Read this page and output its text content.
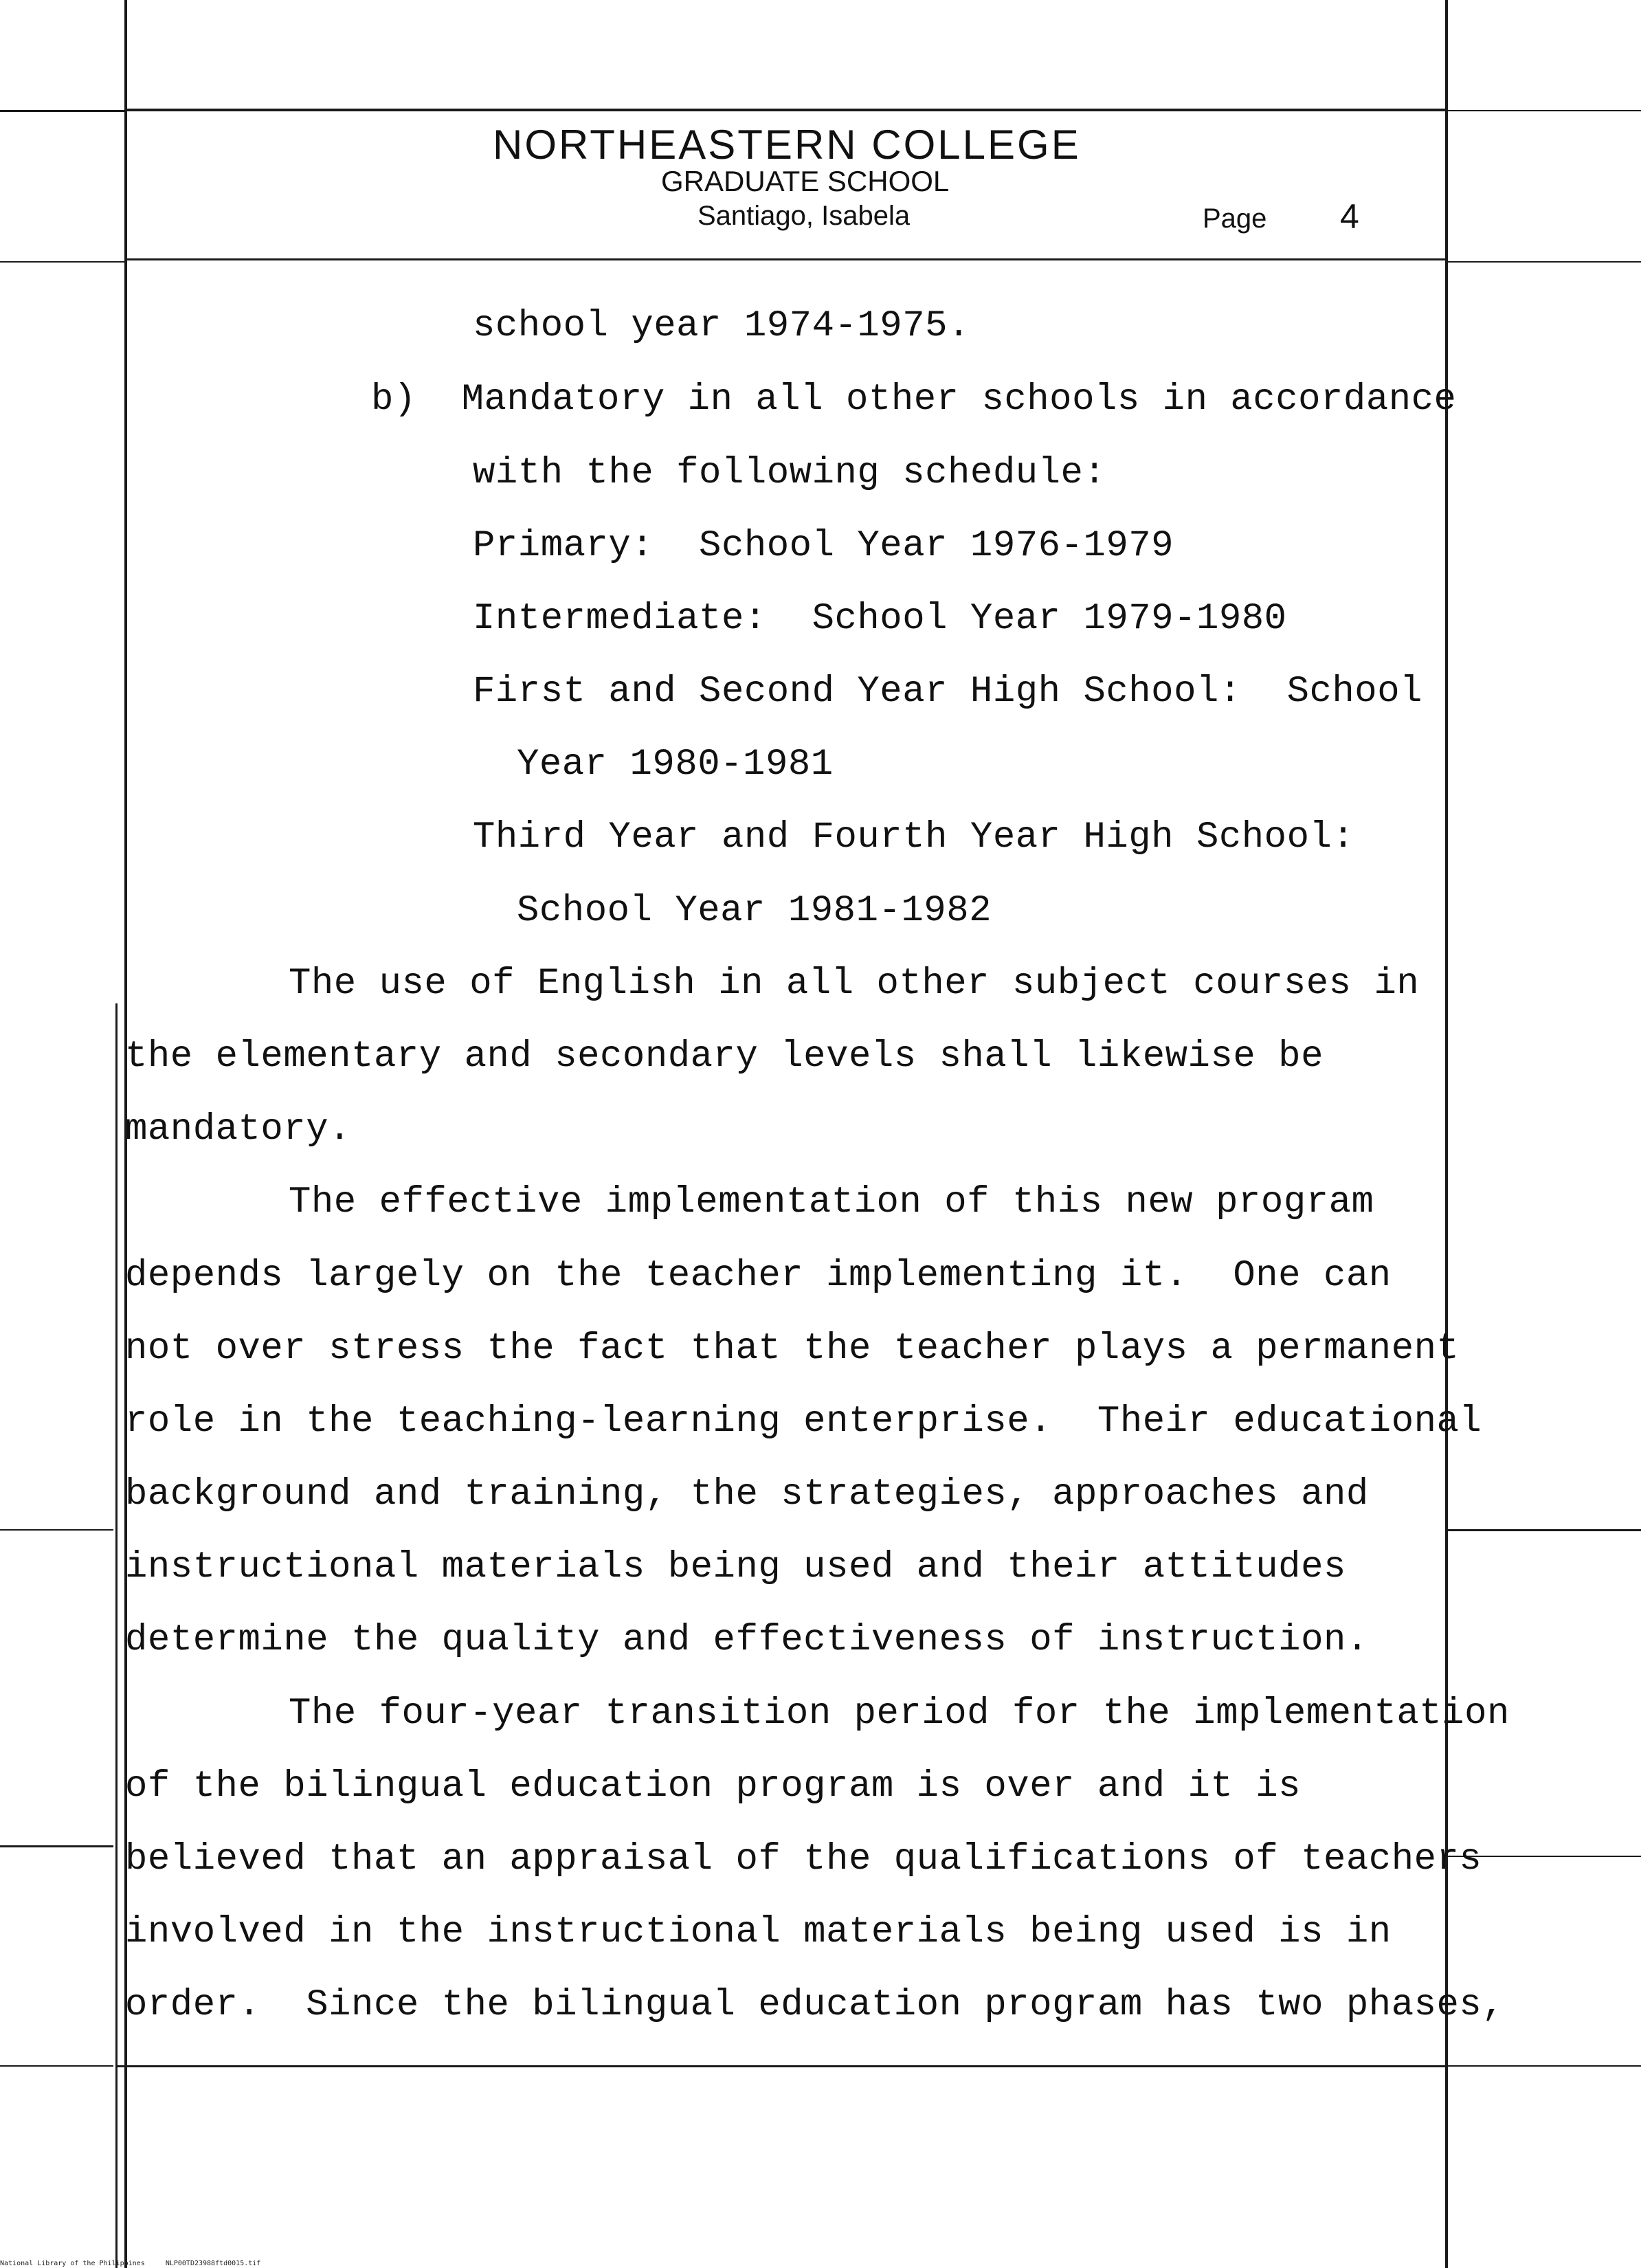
NORTHEASTERN COLLEGE
GRADUATE SCHOOL
Santiago, Isabela	Page 4
school year 1974-1975.
b)  Mandatory in all other schools in accordance
with the following schedule:
Primary:  School Year 1976-1979
Intermediate:  School Year 1979-1980
First and Second Year High School:  School
Year 1980-1981
Third Year and Fourth Year High School:
School Year 1981-1982
The use of English in all other subject courses in
the elementary and secondary levels shall likewise be
mandatory.
The effective implementation of this new program
depends largely on the teacher implementing it.  One can
not over stress the fact that the teacher plays a permanent
role in the teaching-learning enterprise.  Their educational
background and training, the strategies, approaches and
instructional materials being used and their attitudes
determine the quality and effectiveness of instruction.
The four-year transition period for the implementation
of the bilingual education program is over and it is
believed that an appraisal of the qualifications of teachers
involved in the instructional materials being used is in
order.  Since the bilingual education program has two phases,
National Library of the Philippines	NLP00TD23988ftd0015.tif
